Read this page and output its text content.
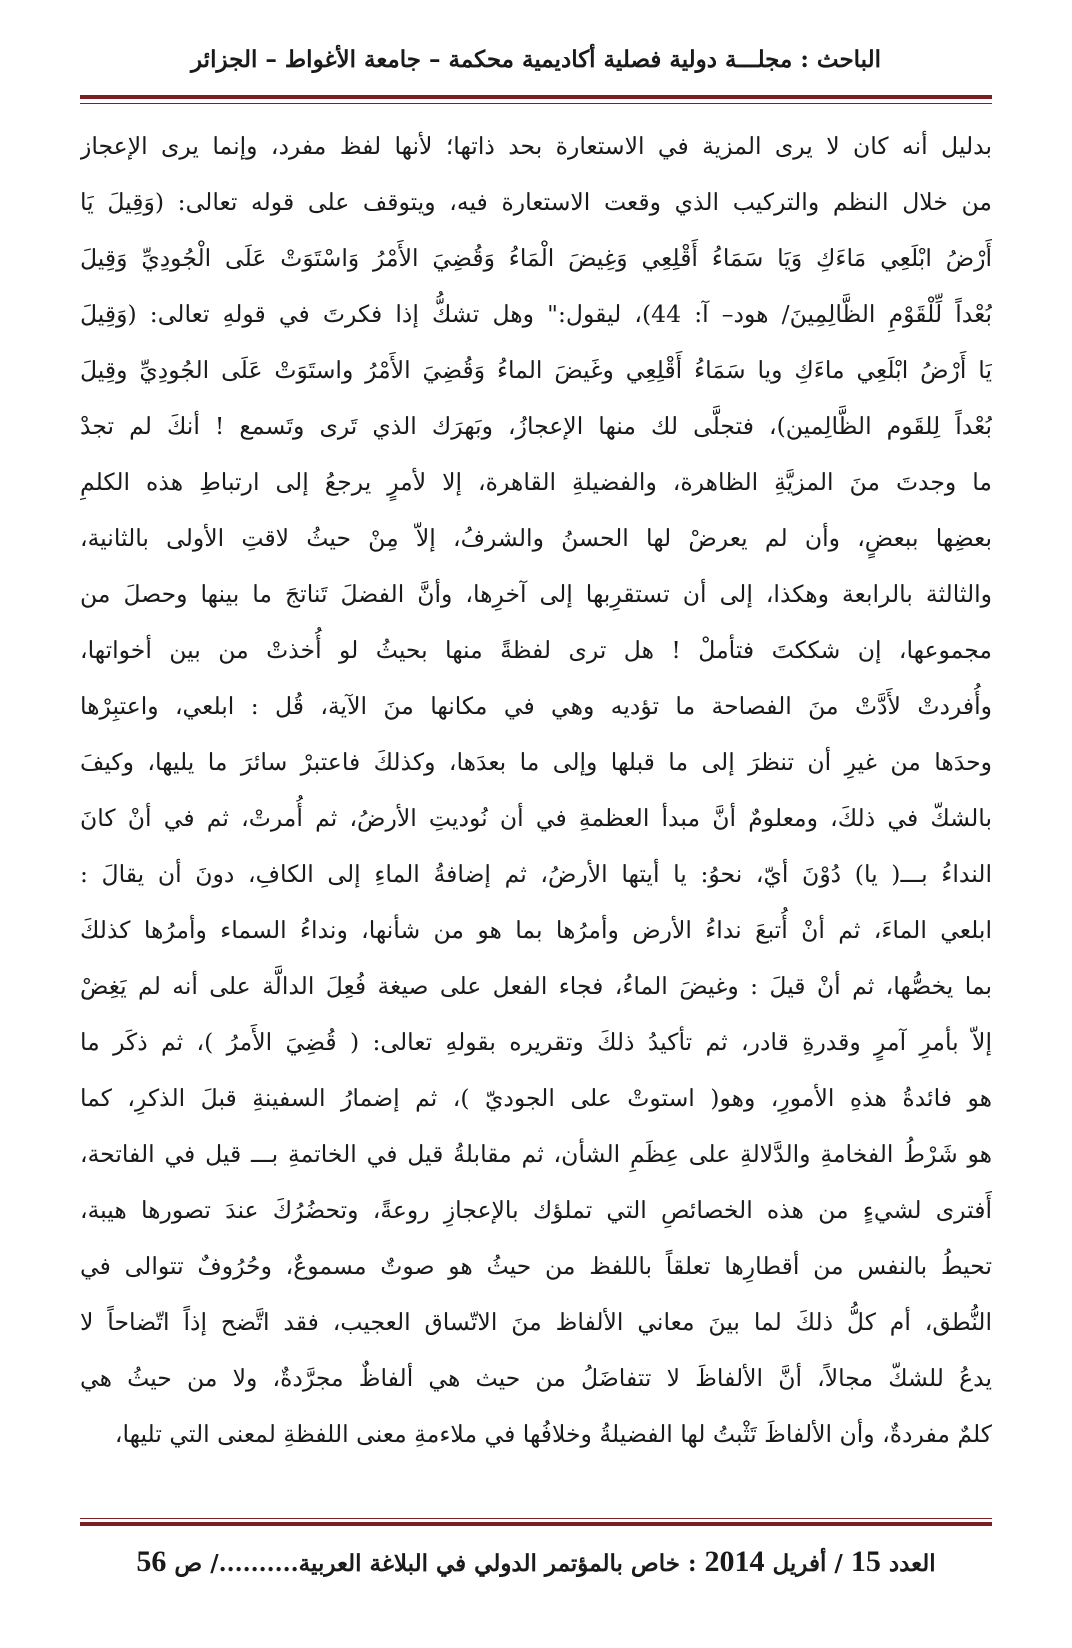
الباحث : مجلـــة دولية فصلية أكاديمية محكمة – جامعة الأغواط – الجزائر
بدليل أنه كان لا يرى المزية في الاستعارة بحد ذاتها؛ لأنها لفظ مفرد، وإنما يرى الإعجاز
من خلال النظم والتركيب الذي وقعت الاستعارة فيه، ويتوقف على قوله تعالى: (وَقِيلَ يَا
أَرْضُ ابْلَعِي مَاءَكِ وَيَا سَمَاءُ أَقْلِعِي وَغِيضَ الْمَاءُ وَقُضِيَ الأَمْرُ وَاسْتَوَتْ عَلَى الْجُودِيِّ وَقِيلَ
بُعْداً لِّلْقَوْمِ الظَّالِمِينَ/ هود– آ: 44)، ليقول:" وهل تشكُّ إذا فكرتَ في قولهِ تعالى: (وَقِيلَ
يَا أَرْضُ ابْلَعِي ماءَكِ ويا سَمَاءُ أَقْلِعِي وغَيضَ الماءُ وَقُضِيَ الأَمْرُ واستَوَتْ عَلَى الجُودِيِّ وقِيلَ
بُعْداً لِلقَوم الظَّالِمين)، فتجلَّى لك منها الإعجازُ، وبَهرَك الذي تَرى وتَسمع ! أنكَ لم تجدْ
ما وجدتَ منَ المزيَّةِ الظاهرة، والفضيلةِ القاهرة، إلا لأمرٍ يرجعُ إلى ارتباطِ هذه الكلمِ
بعضِها ببعضٍ، وأن لم يعرضْ لها الحسنُ والشرفُ، إلاّ مِنْ حيثُ لاقتِ الأولى بالثانية،
والثالثة بالرابعة وهكذا، إلى أن تستقرِبها إلى آخرِها، وأنَّ الفضلَ تَناتجَ ما بينها وحصلَ من
مجموعها، إن شككتَ فتأملْ ! هل ترى لفظةً منها بحيثُ لو أُخذتْ من بين أخواتها،
وأُفردتْ لأَدَّتْ منَ الفصاحة ما تؤديه وهي في مكانها منَ الآية، قُل : ابلعي، واعتبِرْها
وحدَها من غيرِ أن تنظرَ إلى ما قبلها وإلى ما بعدَها، وكذلكَ فاعتبرْ سائرَ ما يليها، وكيفَ
بالشكّ في ذلكَ، ومعلومٌ أنَّ مبدأ العظمةِ في أن نُوديتِ الأرضُ، ثم أُمرتْ، ثم في أنْ كانَ
النداءُ بـــ( يا) دُوْنَ أيّ، نحوُ: يا أيتها الأرضُ، ثم إضافةُ الماءِ إلى الكافِ، دونَ أن يقالَ :
ابلعي الماءَ، ثم أنْ أُتبعَ نداءُ الأرض وأمرُها بما هو من شأنها، ونداءُ السماء وأمرُها كذلكَ
بما يخصُّها، ثم أنْ قيلَ : وغيضَ الماءُ، فجاء الفعل على صيغة فُعِلَ الدالَّة على أنه لم يَغِضْ
إلاّ بأمرِ آمرٍ وقدرةِ قادر، ثم تأكيدُ ذلكَ وتقريره بقولهِ تعالى: ( قُضِيَ الأَمرُ )، ثم ذكَر ما
هو فائدةُ هذهِ الأمورِ، وهو( استوتْ على الجوديّ )، ثم إضمارُ السفينةِ قبلَ الذكرِ، كما
هو شَرْطُ الفخامةِ والدَّلالةِ على عِظَمِ الشأن، ثم مقابلةُ قيل في الخاتمةِ بـــ قيل في الفاتحة،
أَفترى لشيءٍ من هذه الخصائصِ التي تملؤك بالإعجازِ روعةً، وتحضُرُكَ عندَ تصورها هيبة،
تحيطُ بالنفس من أقطارِها تعلقاً باللفظ من حيثُ هو صوتٌ مسموعٌ، وحُرُوفٌ تتوالى في
النُّطق، أم كلُّ ذلكَ لما بينَ معاني الألفاظ منَ الاتّساق العجيب، فقد اتَّضح إذاً اتّضاحاً لا
يدعُ للشكّ مجالاً، أنَّ الألفاظَ لا تتفاضَلُ من حيث هي ألفاظٌ مجرَّدةٌ، ولا من حيثُ هي
كلمٌ مفردةٌ، وأن الألفاظَ تَثْبتُ لها الفضيلةُ وخلافُها في ملاءمةِ معنى اللفظةِ لمعنى التي تليها،
العدد 15 / أفريل 2014 : خاص بالمؤتمر الدولي في البلاغة العربية........../ ص 56
